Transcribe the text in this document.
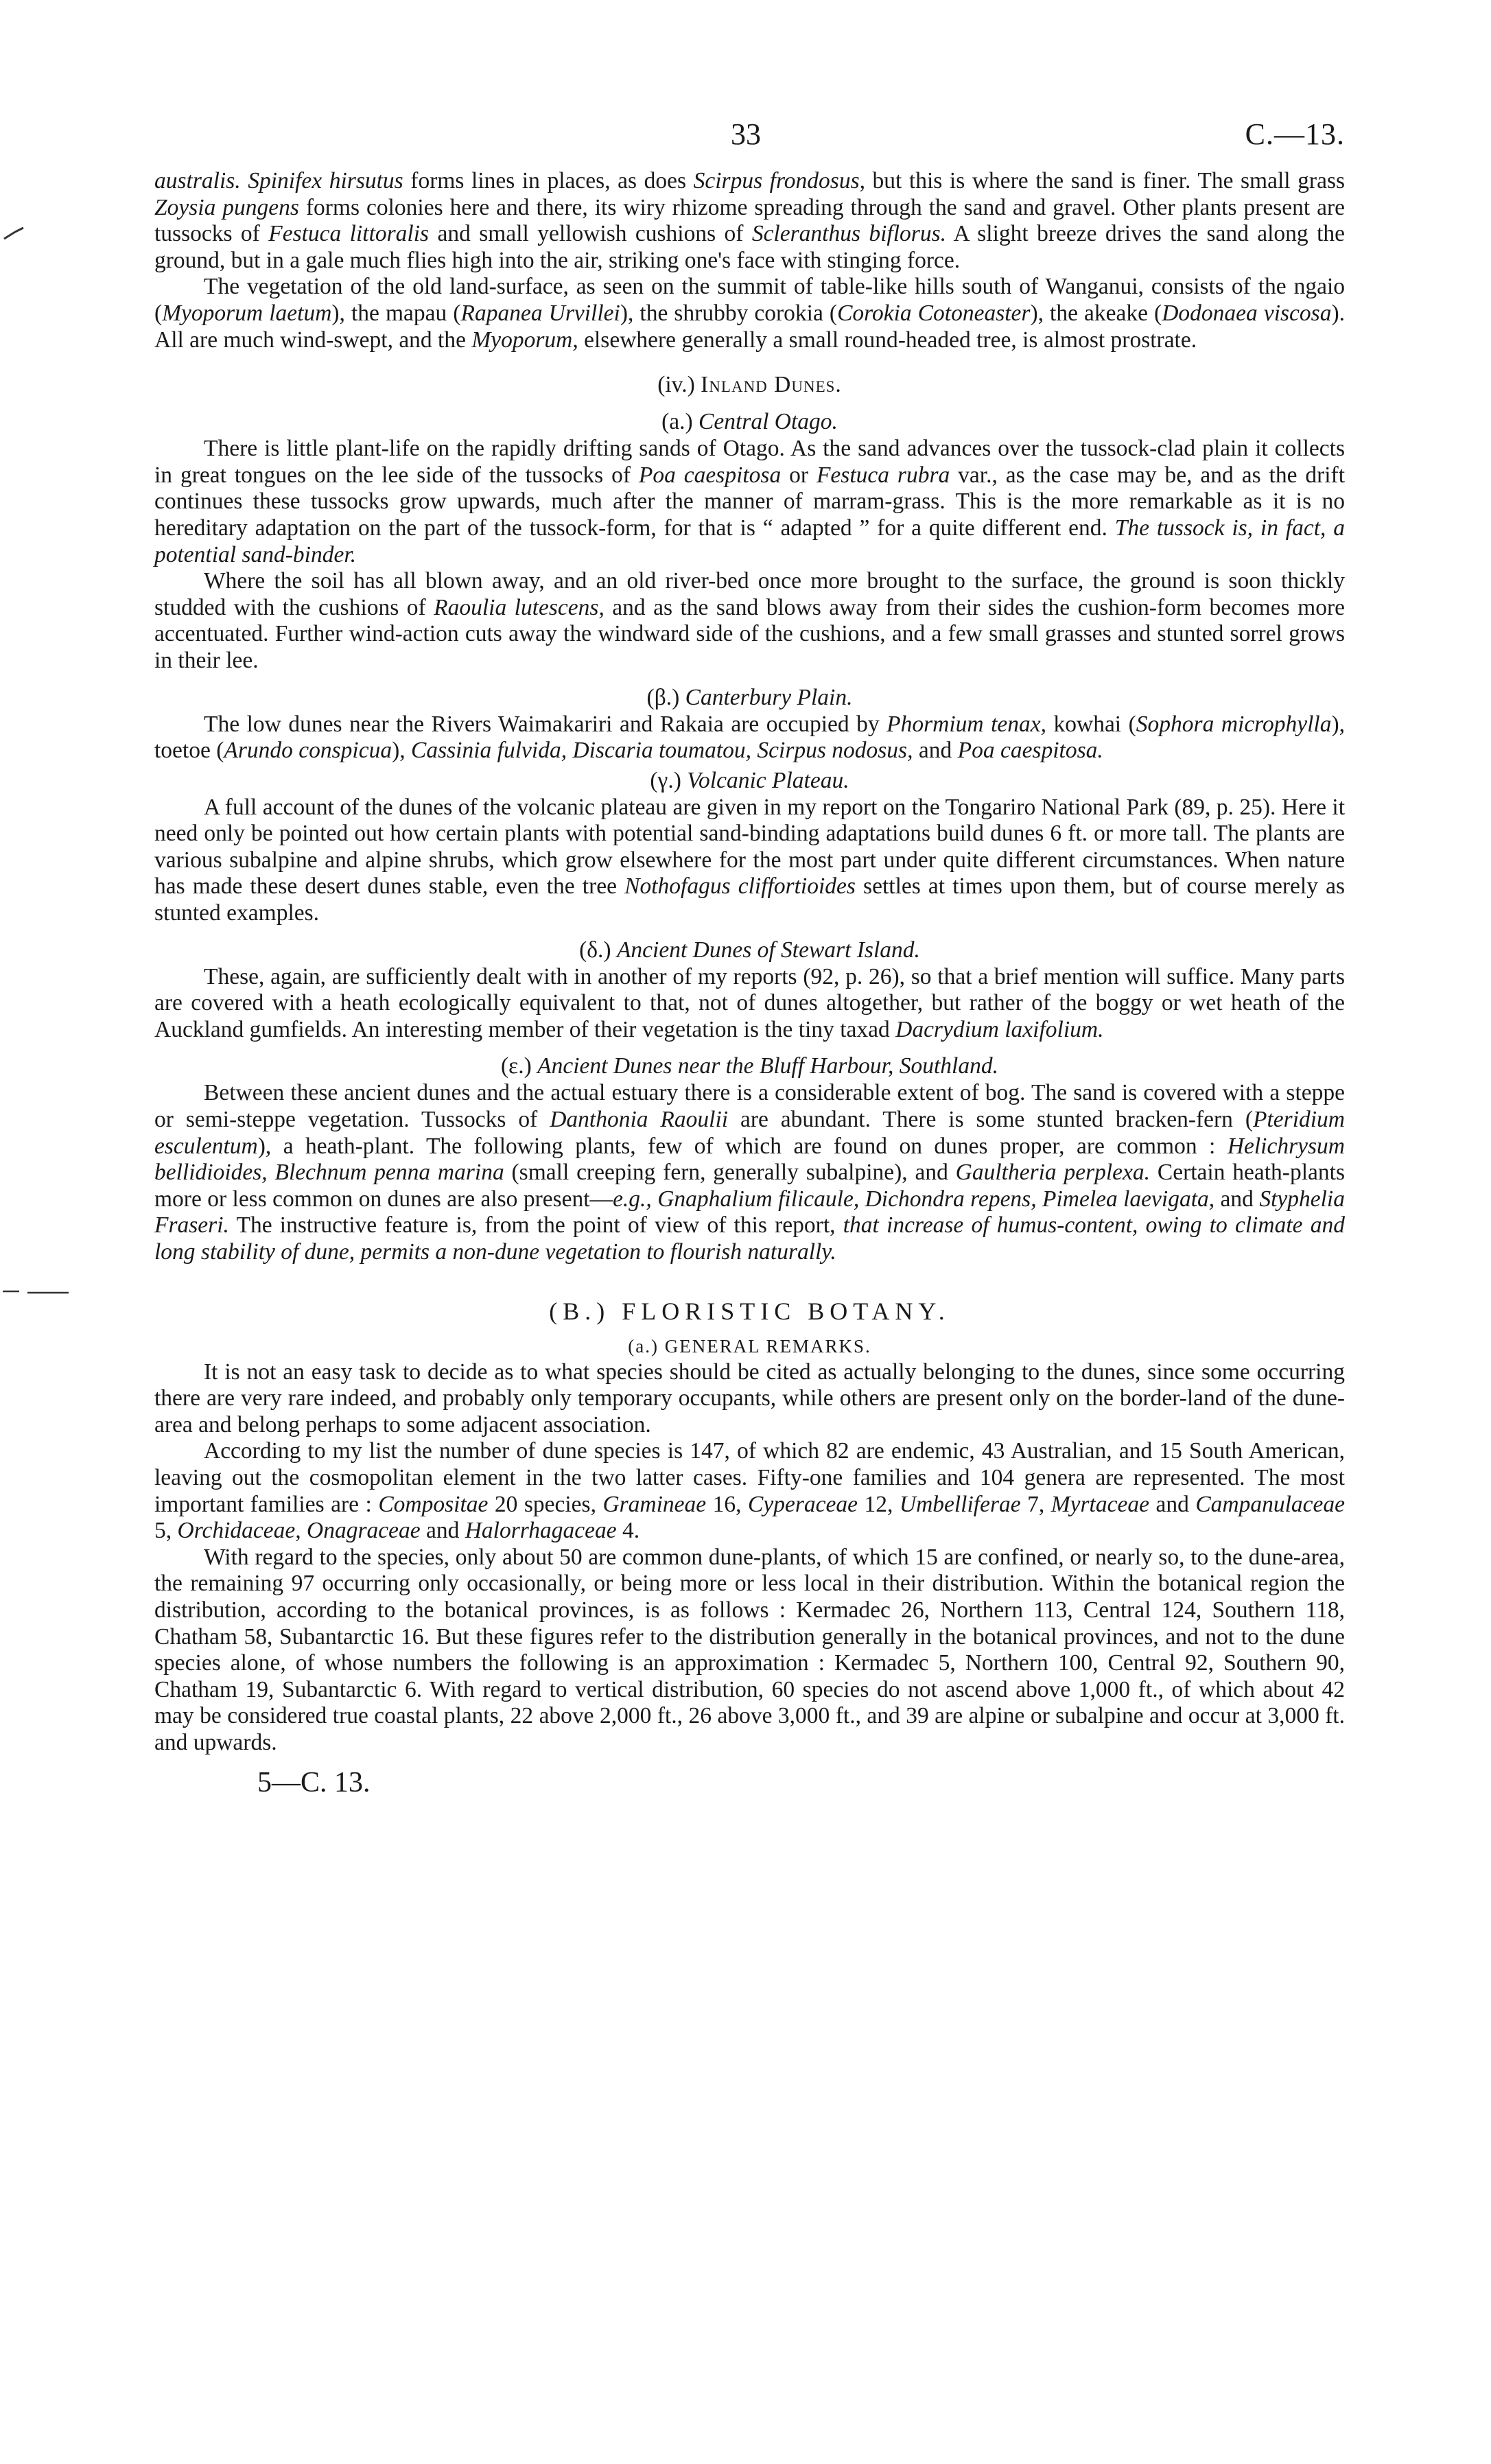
33	C.—13.

australis. Spinifex hirsutus forms lines in places, as does Scirpus frondosus, but this is where the sand is finer. The small grass Zoysia pungens forms colonies here and there, its wiry rhizome spreading through the sand and gravel. Other plants present are tussocks of Festuca littoralis and small yellowish cushions of Scleranthus biflorus. A slight breeze drives the sand along the ground, but in a gale much flies high into the air, striking one's face with stinging force.

The vegetation of the old land-surface, as seen on the summit of table-like hills south of Wanganui, consists of the ngaio (Myoporum laetum), the mapau (Rapanea Urvillei), the shrubby corokia (Corokia Cotoneaster), the akeake (Dodonaea viscosa). All are much wind-swept, and the Myoporum, elsewhere generally a small round-headed tree, is almost prostrate.

(iv.) Inland Dunes.
(a.) Central Otago.

There is little plant-life on the rapidly drifting sands of Otago. As the sand advances over the tussock-clad plain it collects in great tongues on the lee side of the tussocks of Poa caespitosa or Festuca rubra var., as the case may be, and as the drift continues these tussocks grow upwards, much after the manner of marram-grass. This is the more remarkable as it is no hereditary adaptation on the part of the tussock-form, for that is “ adapted ” for a quite different end. The tussock is, in fact, a potential sand-binder.

Where the soil has all blown away, and an old river-bed once more brought to the surface, the ground is soon thickly studded with the cushions of Raoulia lutescens, and as the sand blows away from their sides the cushion-form becomes more accentuated. Further wind-action cuts away the windward side of the cushions, and a few small grasses and stunted sorrel grows in their lee.

(β.) Canterbury Plain.

The low dunes near the Rivers Waimakariri and Rakaia are occupied by Phormium tenax, kowhai (Sophora microphylla), toetoe (Arundo conspicua), Cassinia fulvida, Discaria toumatou, Scirpus nodosus, and Poa caespitosa.

(γ.) Volcanic Plateau.

A full account of the dunes of the volcanic plateau are given in my report on the Tongariro National Park (89, p. 25). Here it need only be pointed out how certain plants with potential sand-binding adaptations build dunes 6 ft. or more tall. The plants are various subalpine and alpine shrubs, which grow elsewhere for the most part under quite different circumstances. When nature has made these desert dunes stable, even the tree Nothofagus cliffortioides settles at times upon them, but of course merely as stunted examples.

(δ.) Ancient Dunes of Stewart Island.

These, again, are sufficiently dealt with in another of my reports (92, p. 26), so that a brief mention will suffice. Many parts are covered with a heath ecologically equivalent to that, not of dunes altogether, but rather of the boggy or wet heath of the Auckland gumfields. An interesting member of their vegetation is the tiny taxad Dacrydium laxifolium.

(ε.) Ancient Dunes near the Bluff Harbour, Southland.

Between these ancient dunes and the actual estuary there is a considerable extent of bog. The sand is covered with a steppe or semi-steppe vegetation. Tussocks of Danthonia Raoulii are abundant. There is some stunted bracken-fern (Pteridium esculentum), a heath-plant. The following plants, few of which are found on dunes proper, are common : Helichrysum bellidioides, Blechnum penna marina (small creeping fern, generally subalpine), and Gaultheria perplexa. Certain heath-plants more or less common on dunes are also present—e.g., Gnaphalium filicaule, Dichondra repens, Pimelea laevigata, and Styphelia Fraseri. The instructive feature is, from the point of view of this report, that increase of humus-content, owing to climate and long stability of dune, permits a non-dune vegetation to flourish naturally.

(B.) FLORISTIC BOTANY.
(a.) GENERAL REMARKS.

It is not an easy task to decide as to what species should be cited as actually belonging to the dunes, since some occurring there are very rare indeed, and probably only temporary occupants, while others are present only on the border-land of the dune-area and belong perhaps to some adjacent association.

According to my list the number of dune species is 147, of which 82 are endemic, 43 Australian, and 15 South American, leaving out the cosmopolitan element in the two latter cases. Fifty-one families and 104 genera are represented. The most important families are : Compositae 20 species, Gramineae 16, Cyperaceae 12, Umbelliferae 7, Myrtaceae and Campanulaceae 5, Orchidaceae, Onagraceae and Halorrhagaceae 4.

With regard to the species, only about 50 are common dune-plants, of which 15 are confined, or nearly so, to the dune-area, the remaining 97 occurring only occasionally, or being more or less local in their distribution. Within the botanical region the distribution, according to the botanical provinces, is as follows : Kermadec 26, Northern 113, Central 124, Southern 118, Chatham 58, Subantarctic 16. But these figures refer to the distribution generally in the botanical provinces, and not to the dune species alone, of whose numbers the following is an approximation : Kermadec 5, Northern 100, Central 92, Southern 90, Chatham 19, Subantarctic 6. With regard to vertical distribution, 60 species do not ascend above 1,000 ft., of which about 42 may be considered true coastal plants, 22 above 2,000 ft., 26 above 3,000 ft., and 39 are alpine or subalpine and occur at 3,000 ft. and upwards.

5—C. 13.
